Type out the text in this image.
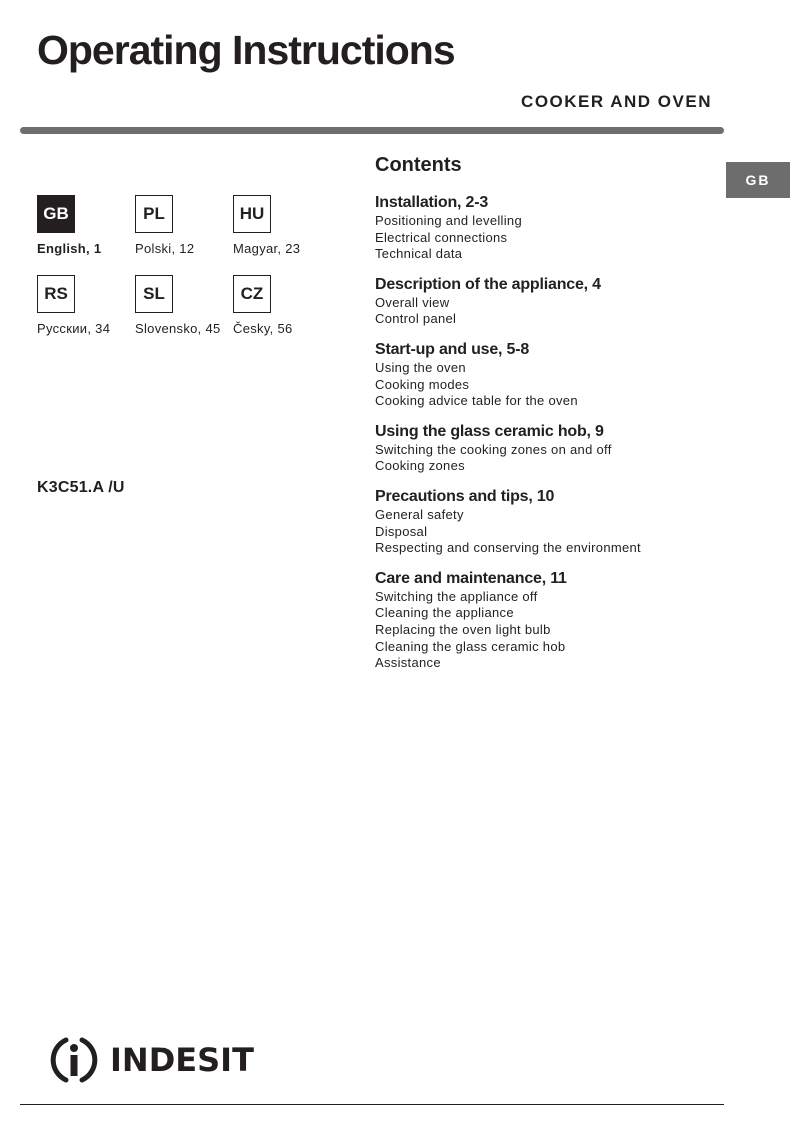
Operating Instructions
COOKER AND OVEN
GB
GB
English, 1
PL
Polski, 12
HU
Magyar, 23
RS
Русскии, 34
SL
Slovensko, 45
CZ
Česky, 56
K3C51.A /U
Contents
Installation, 2-3
Positioning and levelling
Electrical connections
Technical data
Description of the appliance, 4
Overall view
Control panel
Start-up and use, 5-8
Using the oven
Cooking modes
Cooking advice table for the oven
Using the glass ceramic hob, 9
Switching the cooking zones on and off
Cooking zones
Precautions and tips, 10
General safety
Disposal
Respecting and conserving the environment
Care and maintenance, 11
Switching the appliance off
Cleaning the appliance
Replacing the oven light bulb
Cleaning the glass ceramic hob
Assistance
INDESIT
